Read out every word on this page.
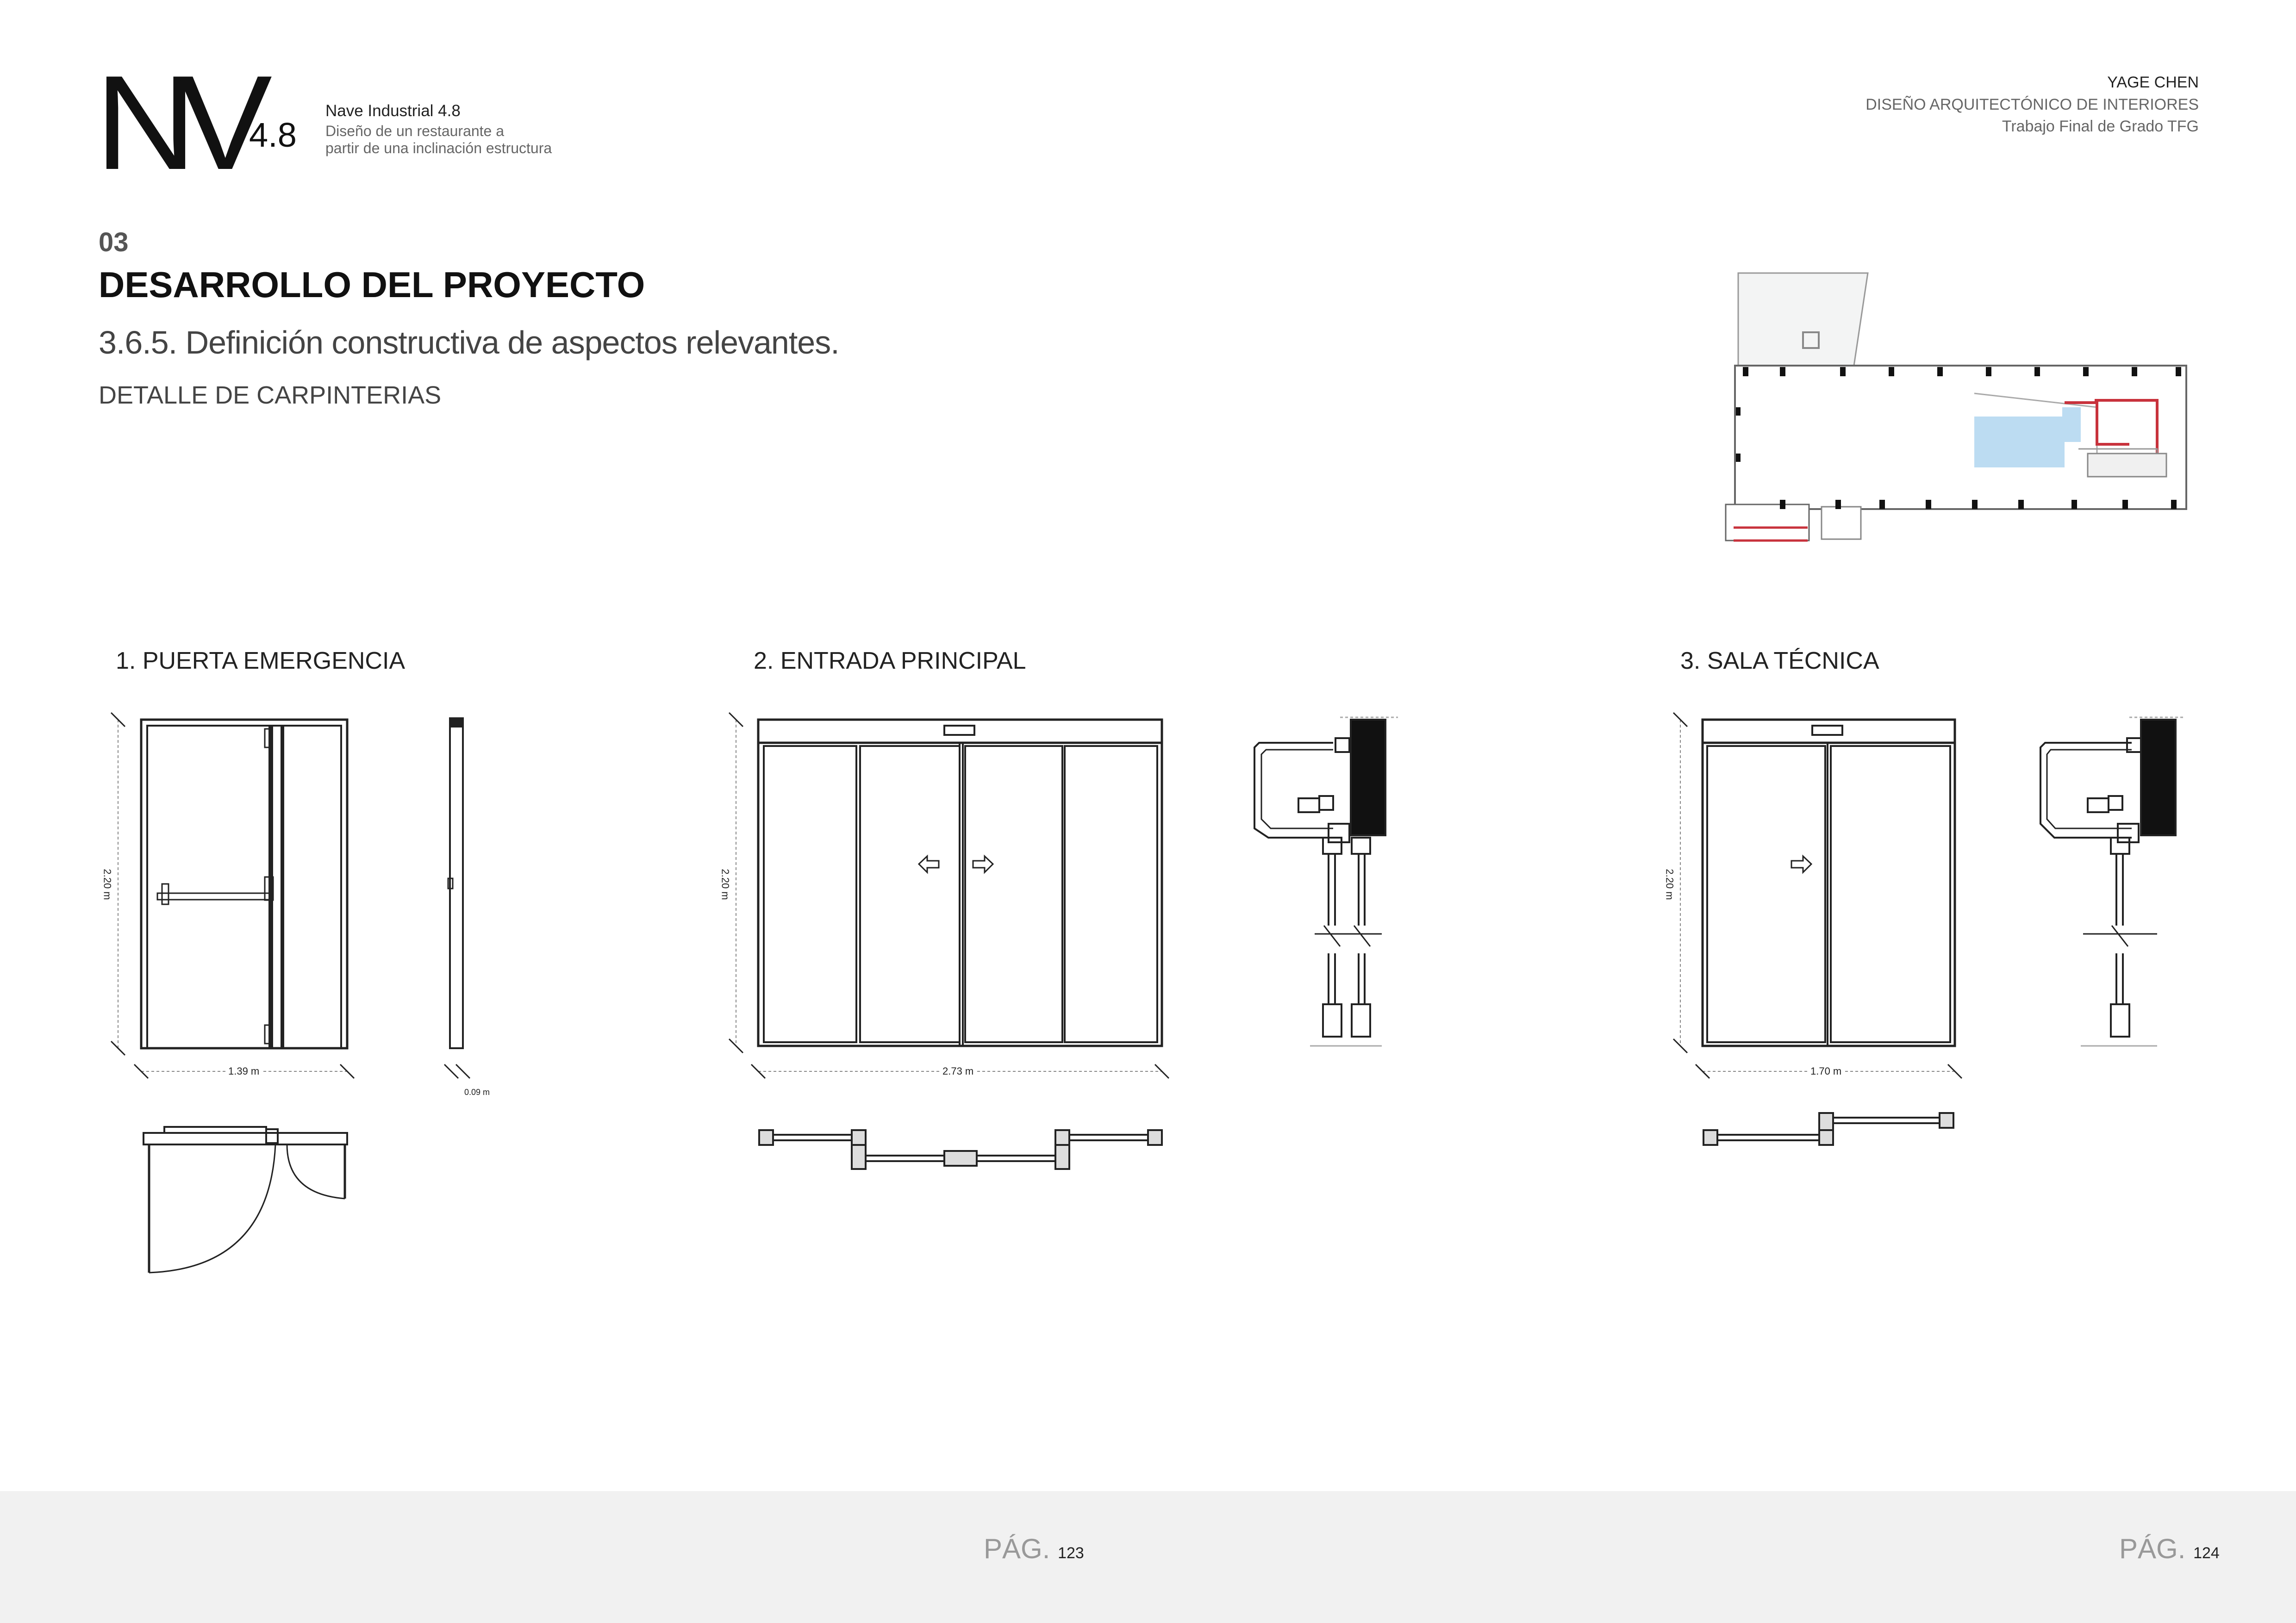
NV
4.8
Nave Industrial 4.8
Diseño de un restaurante a
partir de una inclinación estructura
YAGE CHEN
DISEÑO ARQUITECTÓNICO DE INTERIORES
Trabajo Final de Grado TFG
03
DESARROLLO DEL PROYECTO
3.6.5. Definición constructiva de aspectos relevantes.
DETALLE DE CARPINTERIAS
1. PUERTA EMERGENCIA	2. ENTRADA PRINCIPAL	3. SALA TÉCNICA
2.20 m
1.39 m
0.09 m
2.20 m
2.73 m
2.20 m
1.70 m
PÁG. 123	PÁG. 124
